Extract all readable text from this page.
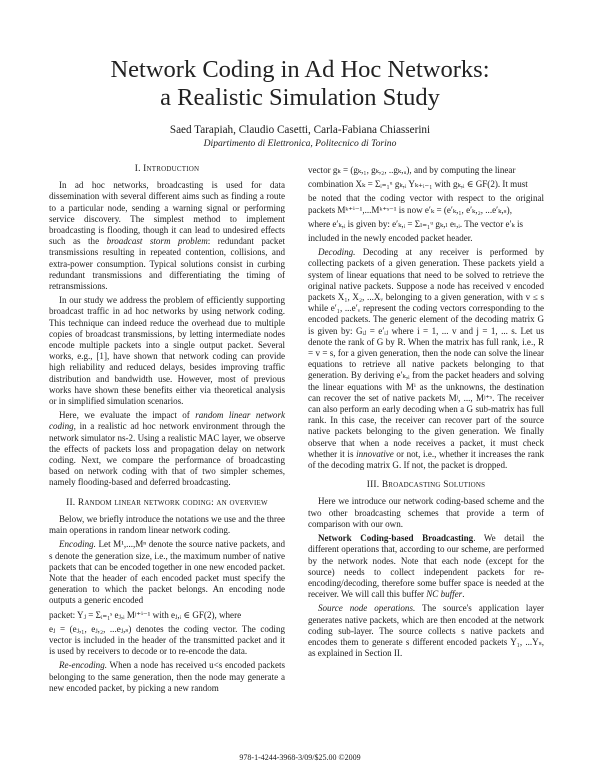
Network Coding in Ad Hoc Networks:
a Realistic Simulation Study
Saed Tarapiah, Claudio Casetti, Carla-Fabiana Chiasserini
Dipartimento di Elettronica, Politecnico di Torino
I. Introduction

In ad hoc networks, broadcasting is used for data dissemination with several different aims such as finding a route to a particular node, sending a warning signal or performing service discovery. The simplest method to implement broadcasting is flooding, though it can lead to undesired effects such as the broadcast storm problem: redundant packet transmissions resulting in repeated contention, collisions, and extra-power consumption. Typical solutions consist in curbing redundant transmissions and differentiating the timing of retransmissions.

In our study we address the problem of efficiently supporting broadcast traffic in ad hoc networks by using network coding. This technique can indeed reduce the overhead due to multiple copies of broadcast transmissions, by letting intermediate nodes encode multiple packets into a single output packet. Several works, e.g., [1], have shown that network coding can provide high reliability and reduced delays, besides improving traffic distribution and bandwidth use. However, most of previous works have shown these benefits either via theoretical analysis or in simplified simulation scenarios.

Here, we evaluate the impact of random linear network coding, in a realistic ad hoc network environment through the network simulator ns-2. Using a realistic MAC layer, we observe the effects of packets loss and propagation delay on network coding. Next, we compare the performance of broadcasting based on network coding with that of two simpler schemes, namely flooding-based and deferred broadcasting.

II. Random linear network coding: an overview

Below, we briefly introduce the notations we use and the three main operations in random linear network coding.

Encoding. Let M¹,...,Mⁿ denote the source native packets, and s denote the generation size, i.e., the maximum number of native packets that can be encoded together in one new encoded packet. Note that the header of each encoded packet must specify the generation to which the packet belongs. An encoding node outputs a generic encoded

packet: Yⱼ = Σᵢ₌₁ˢ eⱼ,ᵢ Mʲ⁺ⁱ⁻¹ with eⱼ,ᵢ ∈ GF(2), where

eⱼ = (eⱼ,₁, eⱼ,₂, ...eⱼ,ₛ) denotes the coding vector. The coding vector is included in the header of the transmitted packet and it is used by receivers to decode or to re-encode the data.

Re-encoding. When a node has received u<s encoded packets belonging to the same generation, then the node may generate a new encoded packet, by picking a new random

vector gₖ = (gₖ,₁, gₖ,₂, ..gₖ,ᵤ), and by computing the linear

combination Xₖ = Σᵢ₌₁ᵘ gₖ,ᵢ Yₖ₊ᵢ₋₁ with gₖ,ᵢ ∈ GF(2). It must

be noted that the coding vector with respect to the original packets Mᵏ⁺ⁱ⁻¹,...Mᵏ⁺ˢ⁻¹ is now e′ₖ = (e′ₖ,₁, e′ₖ,₂, ...e′ₖ,ₛ),

where e′ₖ,ᵢ is given by: e′ₖ,ᵢ = Σₗ₌₁ᵘ gₖ,ₗ eₗ,ᵢ. The vector e′ₖ is

included in the newly encoded packet header.

Decoding. Decoding at any receiver is performed by collecting packets of a given generation. These packets yield a system of linear equations that need to be solved to retrieve the original native packets. Suppose a node has received v encoded packets X₁, X₂, ...Xᵥ belonging to a given generation, with v ≤ s while e′₁, ...e′ᵥ represent the coding vectors corresponding to the encoded packets. The generic element of the decoding matrix G is given by: Gᵢⱼ = e′ᵢⱼ where i = 1, ... v and j = 1, ... s. Let us denote the rank of G by R. When the matrix has full rank, i.e., R = v = s, for a given generation, then the node can solve the linear equations to retrieve all native packets belonging to that generation. By deriving e′ₖ,ᵢ from the packet headers and solving the linear equations with Mⁱ as the unknowns, the destination can recover the set of native packets Mʲ, ..., Mʲ⁺ˢ. The receiver can also perform an early decoding when a G sub-matrix has full rank. In this case, the receiver can recover part of the source native packets belonging to the given generation. We finally observe that when a node receives a packet, it must check whether it is innovative or not, i.e., whether it increases the rank of the decoding matrix G. If not, the packet is dropped.

III. Broadcasting Solutions

Here we introduce our network coding-based scheme and the two other broadcasting schemes that provide a term of comparison with our own.

Network Coding-based Broadcasting. We detail the different operations that, according to our scheme, are performed by the network nodes. Note that each node (except for the source) needs to collect independent packets for re-encoding/decoding, therefore some buffer space is needed at the receiver. We will call this buffer NC buffer.

Source node operations. The source's application layer generates native packets, which are then encoded at the network coding sub-layer. The source collects s native packets and encodes them to generate s different encoded packets Y₁, ...Yₛ, as explained in Section II.

978-1-4244-3968-3/09/$25.00 ©2009
